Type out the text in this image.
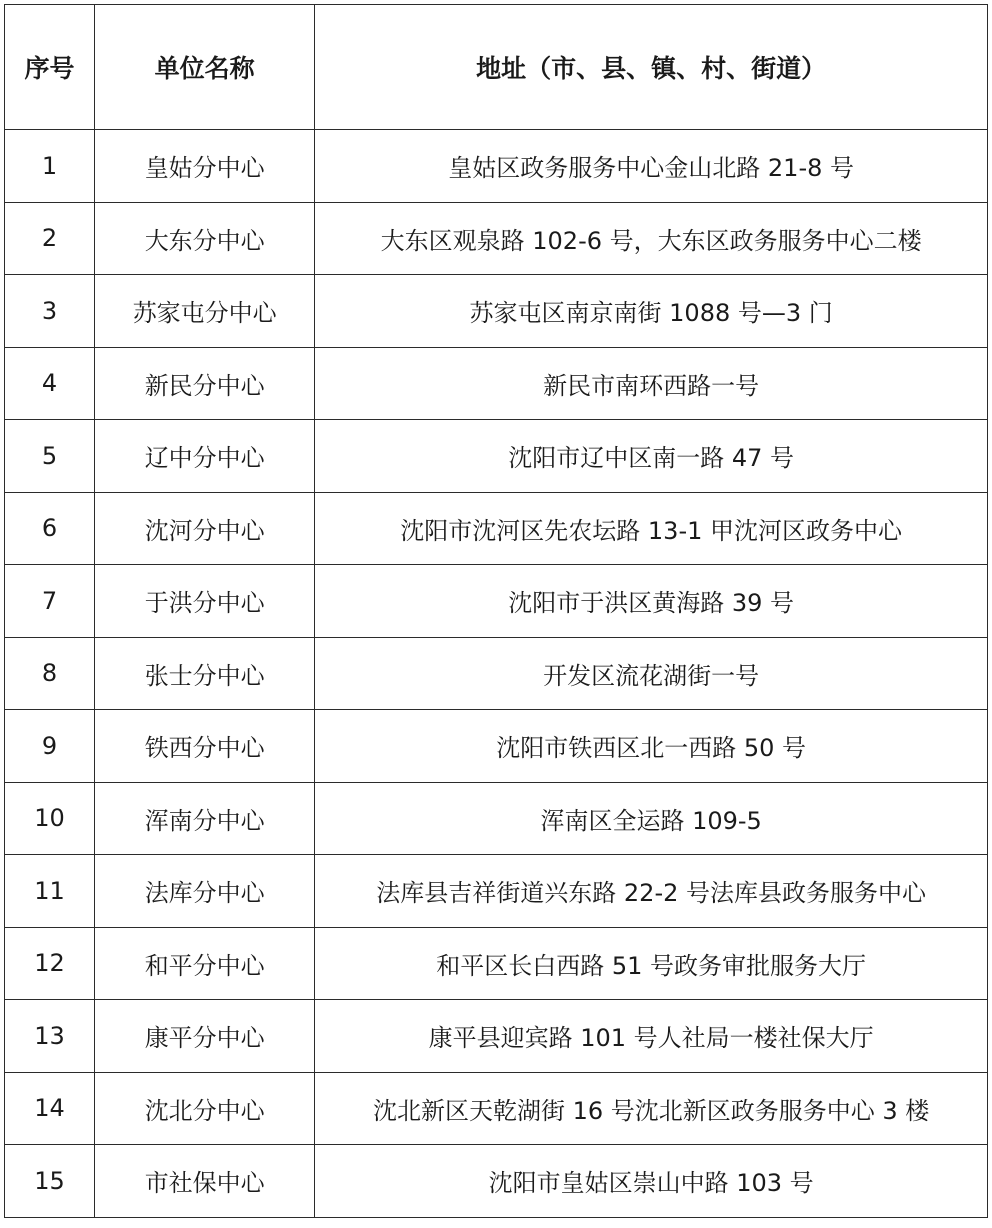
序号	单位名称	地址（市、县、镇、村、街道）
1	皇姑分中心	皇姑区政务服务中心金山北路 21-8 号
2	大东分中心	大东区观泉路 102-6 号，大东区政务服务中心二楼
3	苏家屯分中心	苏家屯区南京南街 1088 号—3 门
4	新民分中心	新民市南环西路一号
5	辽中分中心	沈阳市辽中区南一路 47 号
6	沈河分中心	沈阳市沈河区先农坛路 13-1 甲沈河区政务中心
7	于洪分中心	沈阳市于洪区黄海路 39 号
8	张士分中心	开发区流花湖街一号
9	铁西分中心	沈阳市铁西区北一西路 50 号
10	浑南分中心	浑南区全运路 109-5
11	法库分中心	法库县吉祥街道兴东路 22-2 号法库县政务服务中心
12	和平分中心	和平区长白西路 51 号政务审批服务大厅
13	康平分中心	康平县迎宾路 101 号人社局一楼社保大厅
14	沈北分中心	沈北新区天乾湖街 16 号沈北新区政务服务中心 3 楼
15	市社保中心	沈阳市皇姑区崇山中路 103 号
